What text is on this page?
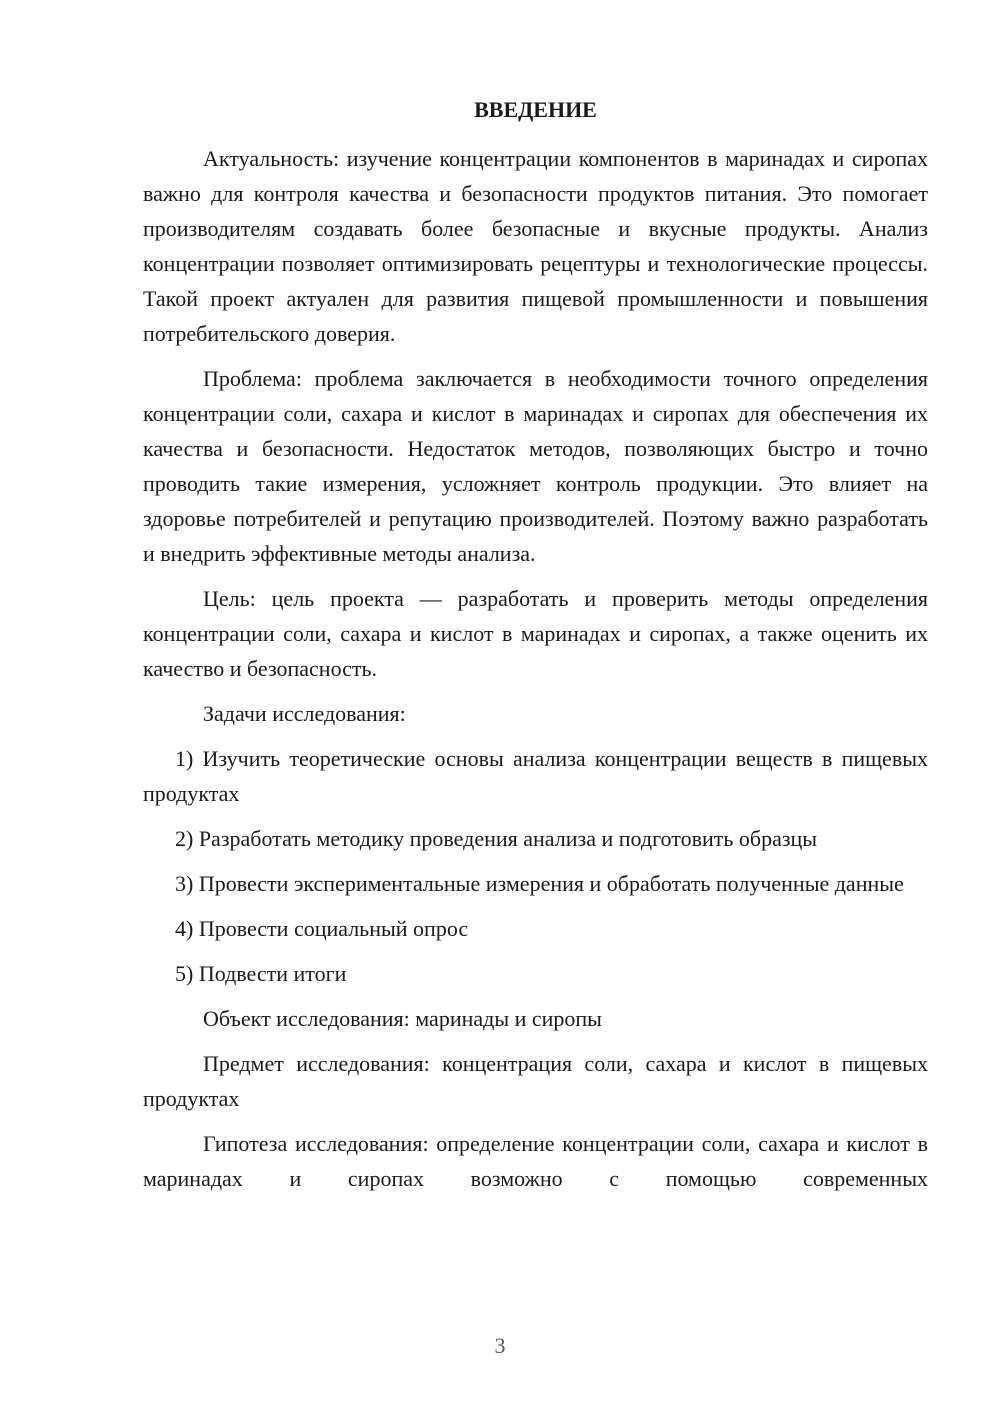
ВВЕДЕНИЕ

Актуальность: изучение концентрации компонентов в маринадах и сиропах важно для контроля качества и безопасности продуктов питания. Это помогает производителям создавать более безопасные и вкусные продукты. Анализ концентрации позволяет оптимизировать рецептуры и технологические процессы. Такой проект актуален для развития пищевой промышленности и повышения потребительского доверия.

Проблема: проблема заключается в необходимости точного определения концентрации соли, сахара и кислот в маринадах и сиропах для обеспечения их качества и безопасности. Недостаток методов, позволяющих быстро и точно проводить такие измерения, усложняет контроль продукции. Это влияет на здоровье потребителей и репутацию производителей. Поэтому важно разработать и внедрить эффективные методы анализа.

Цель: цель проекта — разработать и проверить методы определения концентрации соли, сахара и кислот в маринадах и сиропах, а также оценить их качество и безопасность.

Задачи исследования:

1) Изучить теоретические основы анализа концентрации веществ в пищевых продуктах

2) Разработать методику проведения анализа и подготовить образцы

3) Провести экспериментальные измерения и обработать полученные данные

4) Провести социальный опрос

5) Подвести итоги

Объект исследования: маринады и сиропы

Предмет исследования: концентрация соли, сахара и кислот в пищевых продуктах

Гипотеза исследования: определение концентрации соли, сахара и кислот в маринадах и сиропах возможно с помощью современных

3
